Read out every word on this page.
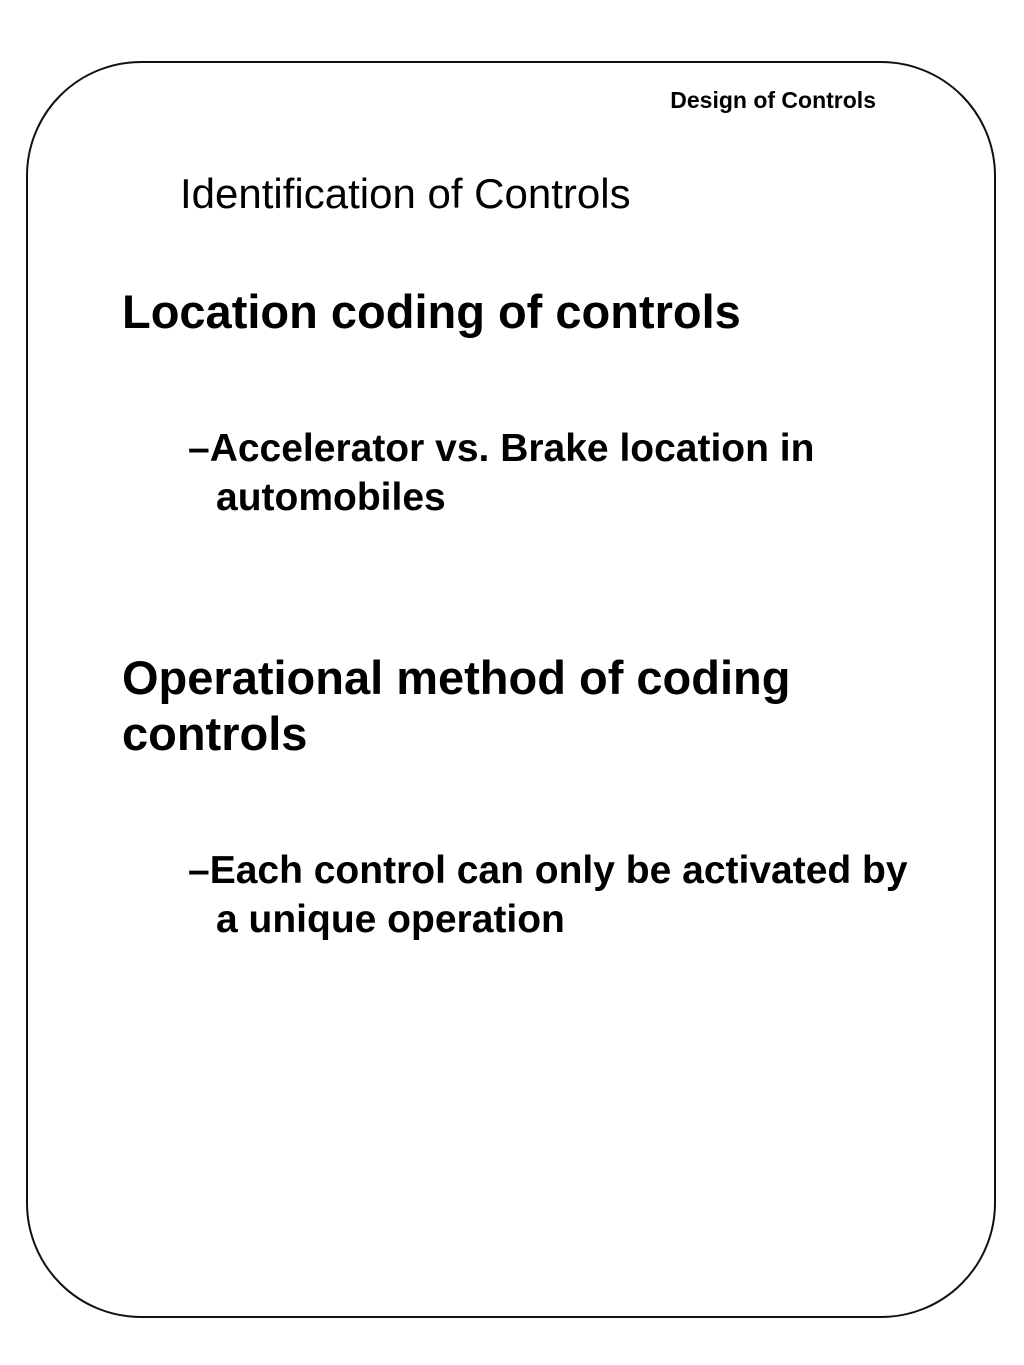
Design of Controls
Identification of Controls
Location coding of controls
–Accelerator vs. Brake location in automobiles
Operational method of coding controls
–Each control can only be activated by a unique operation
